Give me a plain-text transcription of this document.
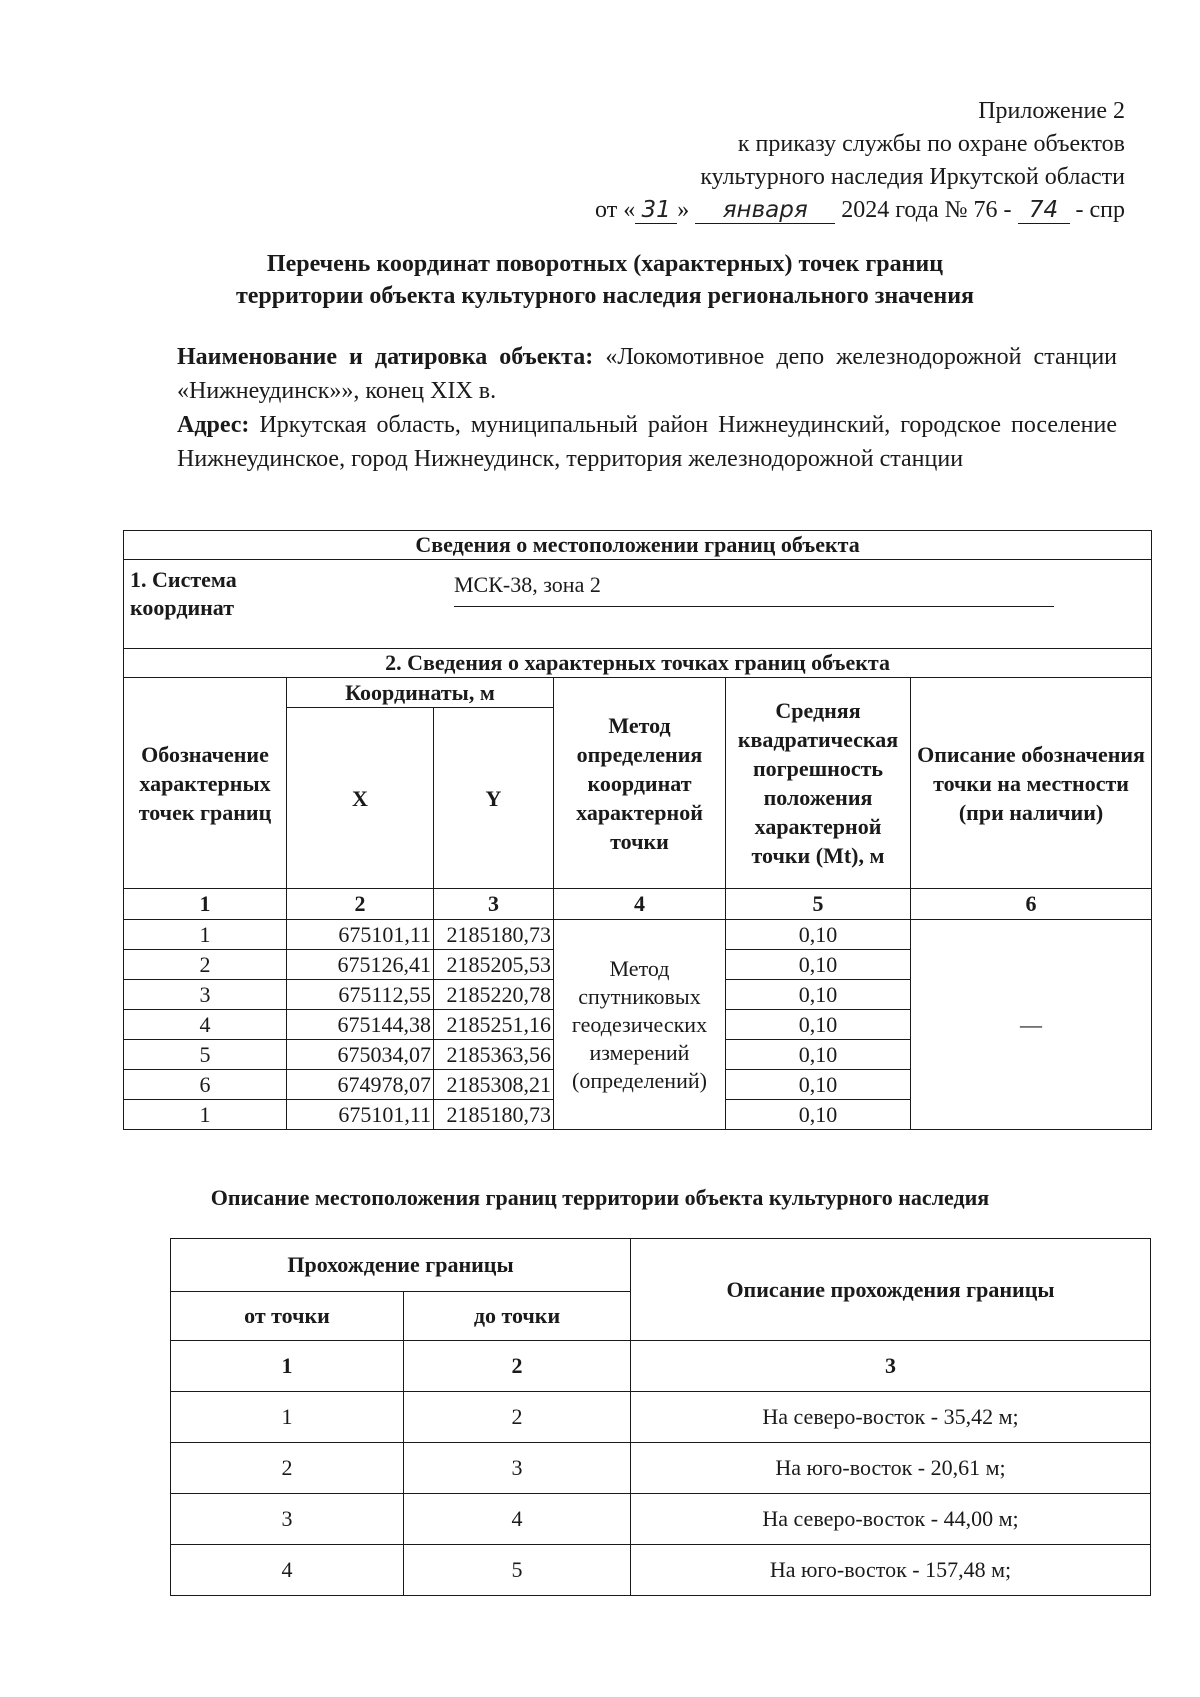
Приложение 2
к приказу службы по охране объектов
культурного наследия Иркутской области
от « 31 » января 2024 года № 76 - 74 - спр
Перечень координат поворотных (характерных) точек границ
территории объекта культурного наследия регионального значения

Наименование и датировка объекта: «Локомотивное депо железнодорожной станции «Нижнеудинск»», конец XIX в.

Адрес: Иркутская область, муниципальный район Нижнеудинский, городское поселение Нижнеудинское, город Нижнеудинск, территория железнодорожной станции

Сведения о местоположении границ объекта					

1. Система координат
МСК-38, зона 2					

2. Сведения о характерных точках границ объекта					
Обозначение характерных точек границ	Координаты, м		Метод определения координат характерной точки	Средняя квадратическая погрешность положения характерной точки (Mt), м	Описание обозначения точки на местности (при наличии)
	X	Y			
1	2	3	4	5	6
1	675101,11	2185180,73	Метод спутниковых геодезических измерений (определений)	0,10	—
2	675126,41	2185205,53		0,10	
3	675112,55	2185220,78		0,10	
4	675144,38	2185251,16		0,10	
5	675034,07	2185363,56		0,10	
6	674978,07	2185308,21		0,10	
1	675101,11	2185180,73		0,10	
Описание местоположения границ территории объекта культурного наследия
Прохождение границы		Описание прохождения границы
от точки	до точки	
1	2	3
1	2	На северо-восток - 35,42 м;
2	3	На юго-восток - 20,61 м;
3	4	На северо-восток - 44,00 м;
4	5	На юго-восток - 157,48 м;
